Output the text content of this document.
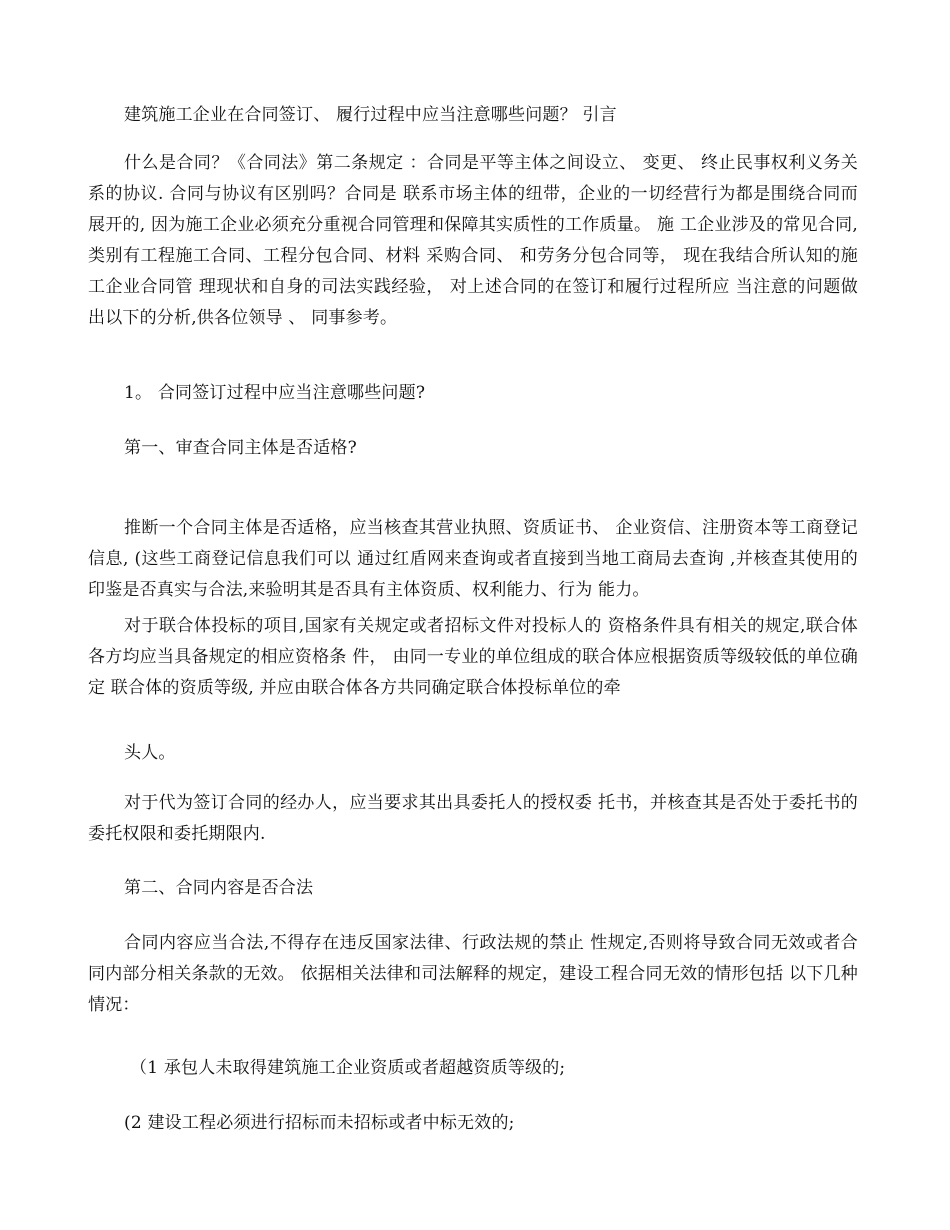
建筑施工企业在合同签订、 履行过程中应当注意哪些问题？ 引言

什么是合同？《合同法》第二条规定 ：合同是平等主体之间设立、 变更、 终止民事权利义务关系的协议. 合同与协议有区别吗？合同是 联系市场主体的纽带，企业的一切经营行为都是围绕合同而展开的, 因为施工企业必须充分重视合同管理和保障其实质性的工作质量。 施 工企业涉及的常见合同,类别有工程施工合同、工程分包合同、材料 采购合同、 和劳务分包合同等， 现在我结合所认知的施工企业合同管 理现状和自身的司法实践经验， 对上述合同的在签订和履行过程所应 当注意的问题做出以下的分析,供各位领导 、 同事参考。

1。 合同签订过程中应当注意哪些问题?

第一、审查合同主体是否适格?

推断一个合同主体是否适格，应当核查其营业执照、资质证书、 企业资信、注册资本等工商登记信息, (这些工商登记信息我们可以 通过红盾网来查询或者直接到当地工商局去查询 ,并核查其使用的 印鉴是否真实与合法,来验明其是否具有主体资质、权利能力、行为 能力。

对于联合体投标的项目,国家有关规定或者招标文件对投标人的 资格条件具有相关的规定,联合体各方均应当具备规定的相应资格条 件， 由同一专业的单位组成的联合体应根据资质等级较低的单位确定 联合体的资质等级, 并应由联合体各方共同确定联合体投标单位的牵

头人。

对于代为签订合同的经办人，应当要求其出具委托人的授权委 托书，并核查其是否处于委托书的委托权限和委托期限内.

第二、合同内容是否合法

合同内容应当合法,不得存在违反国家法律、行政法规的禁止 性规定,否则将导致合同无效或者合同内部分相关条款的无效。 依据相关法律和司法解释的规定，建设工程合同无效的情形包括 以下几种情况：

（1 承包人未取得建筑施工企业资质或者超越资质等级的;

(2 建设工程必须进行招标而未招标或者中标无效的;
